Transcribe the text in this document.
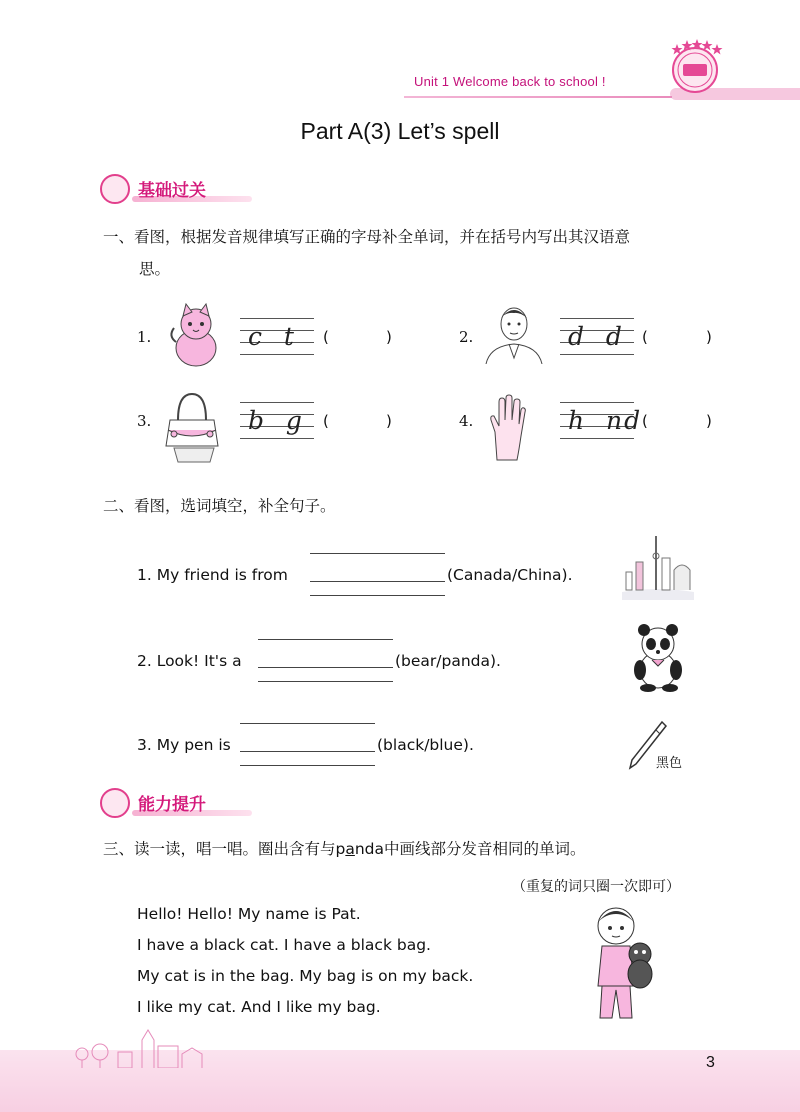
Unit 1 Welcome back to school !
Part A(3) Let’s spell
基础过关
一、看图，根据发音规律填写正确的字母补全单词，并在括号内写出其汉语意
思。
1.	c  t (	)	2.	d  d (	)
3.	b  g (	)	4.	h  nd (	)
二、看图，选词填空，补全句子。
1. My friend is from	(Canada/China).
2. Look! It's a	(bear/panda).
3. My pen is	(black/blue).
黑色
能力提升
三、读一读，唱一唱。圈出含有与panda中画线部分发音相同的单词。
（重复的词只圈一次即可）
Hello! Hello! My name is Pat.
I have a black cat. I have a black bag.
My cat is in the bag. My bag is on my back.
I like my cat. And I like my bag.
3
